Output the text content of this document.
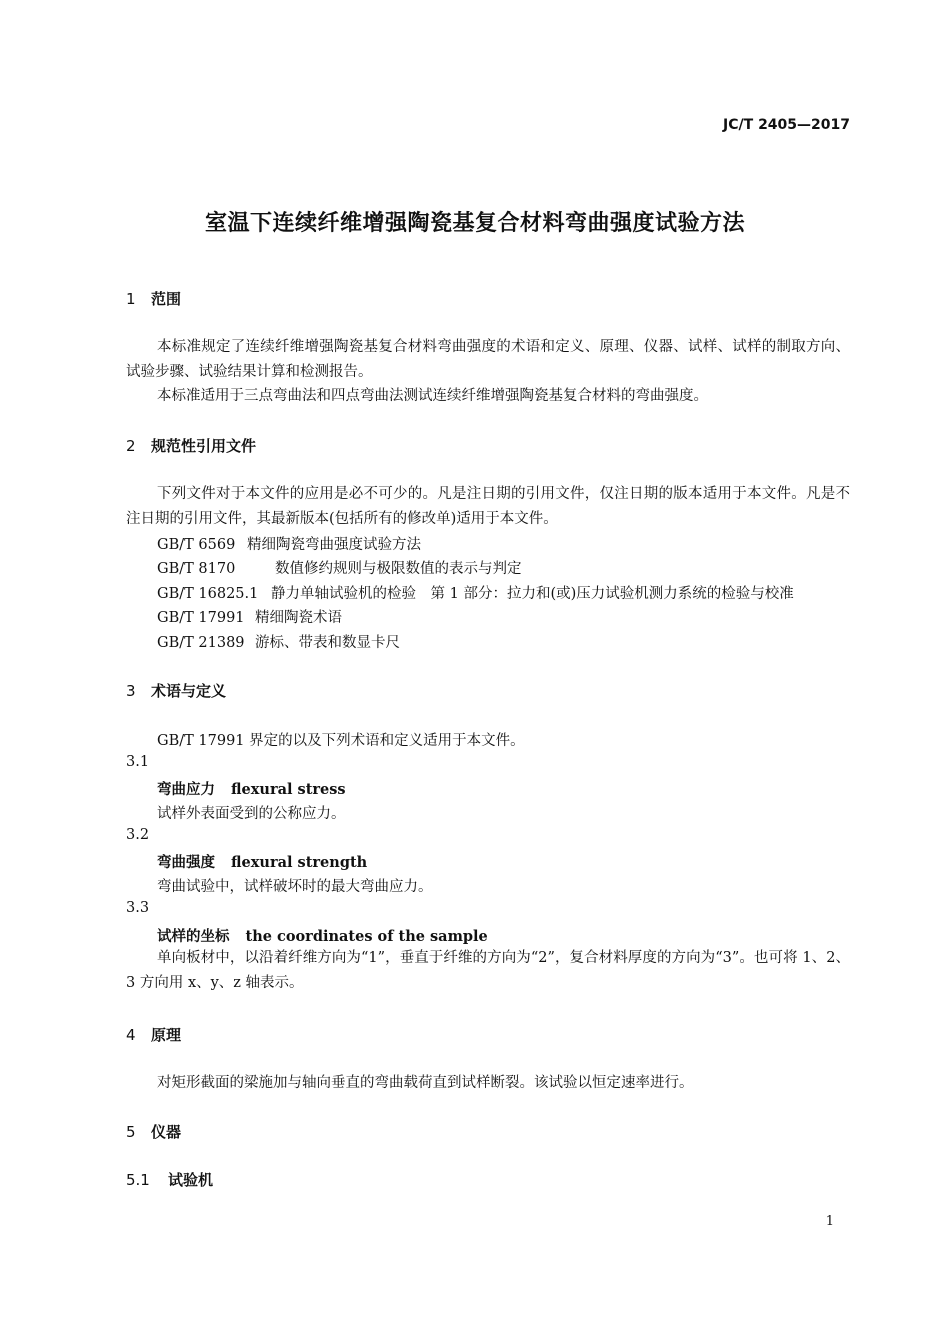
JC/T 2405—2017
室温下连续纤维增强陶瓷基复合材料弯曲强度试验方法
1 范围
本标准规定了连续纤维增强陶瓷基复合材料弯曲强度的术语和定义、原理、仪器、试样、试样的制取方向、试验步骤、试验结果计算和检测报告。
本标准适用于三点弯曲法和四点弯曲法测试连续纤维增强陶瓷基复合材料的弯曲强度。
2 规范性引用文件
下列文件对于本文件的应用是必不可少的。凡是注日期的引用文件，仅注日期的版本适用于本文件。凡是不注日期的引用文件，其最新版本(包括所有的修改单)适用于本文件。
GB/T 6569 精细陶瓷弯曲强度试验方法
GB/T 8170	数值修约规则与极限数值的表示与判定
GB/T 16825.1 静力单轴试验机的检验　第 1 部分：拉力和(或)压力试验机测力系统的检验与校准
GB/T 17991 精细陶瓷术语
GB/T 21389 游标、带表和数显卡尺
3 术语与定义
GB/T 17991 界定的以及下列术语和定义适用于本文件。
3.1
弯曲应力 flexural stress
试样外表面受到的公称应力。
3.2
弯曲强度 flexural strength
弯曲试验中，试样破坏时的最大弯曲应力。
3.3
试样的坐标 the coordinates of the sample
单向板材中，以沿着纤维方向为“1”，垂直于纤维的方向为“2”，复合材料厚度的方向为“3”。也可将 1、2、3 方向用 x、y、z 轴表示。
4 原理
对矩形截面的梁施加与轴向垂直的弯曲载荷直到试样断裂。该试验以恒定速率进行。
5 仪器
5.1 试验机
1
